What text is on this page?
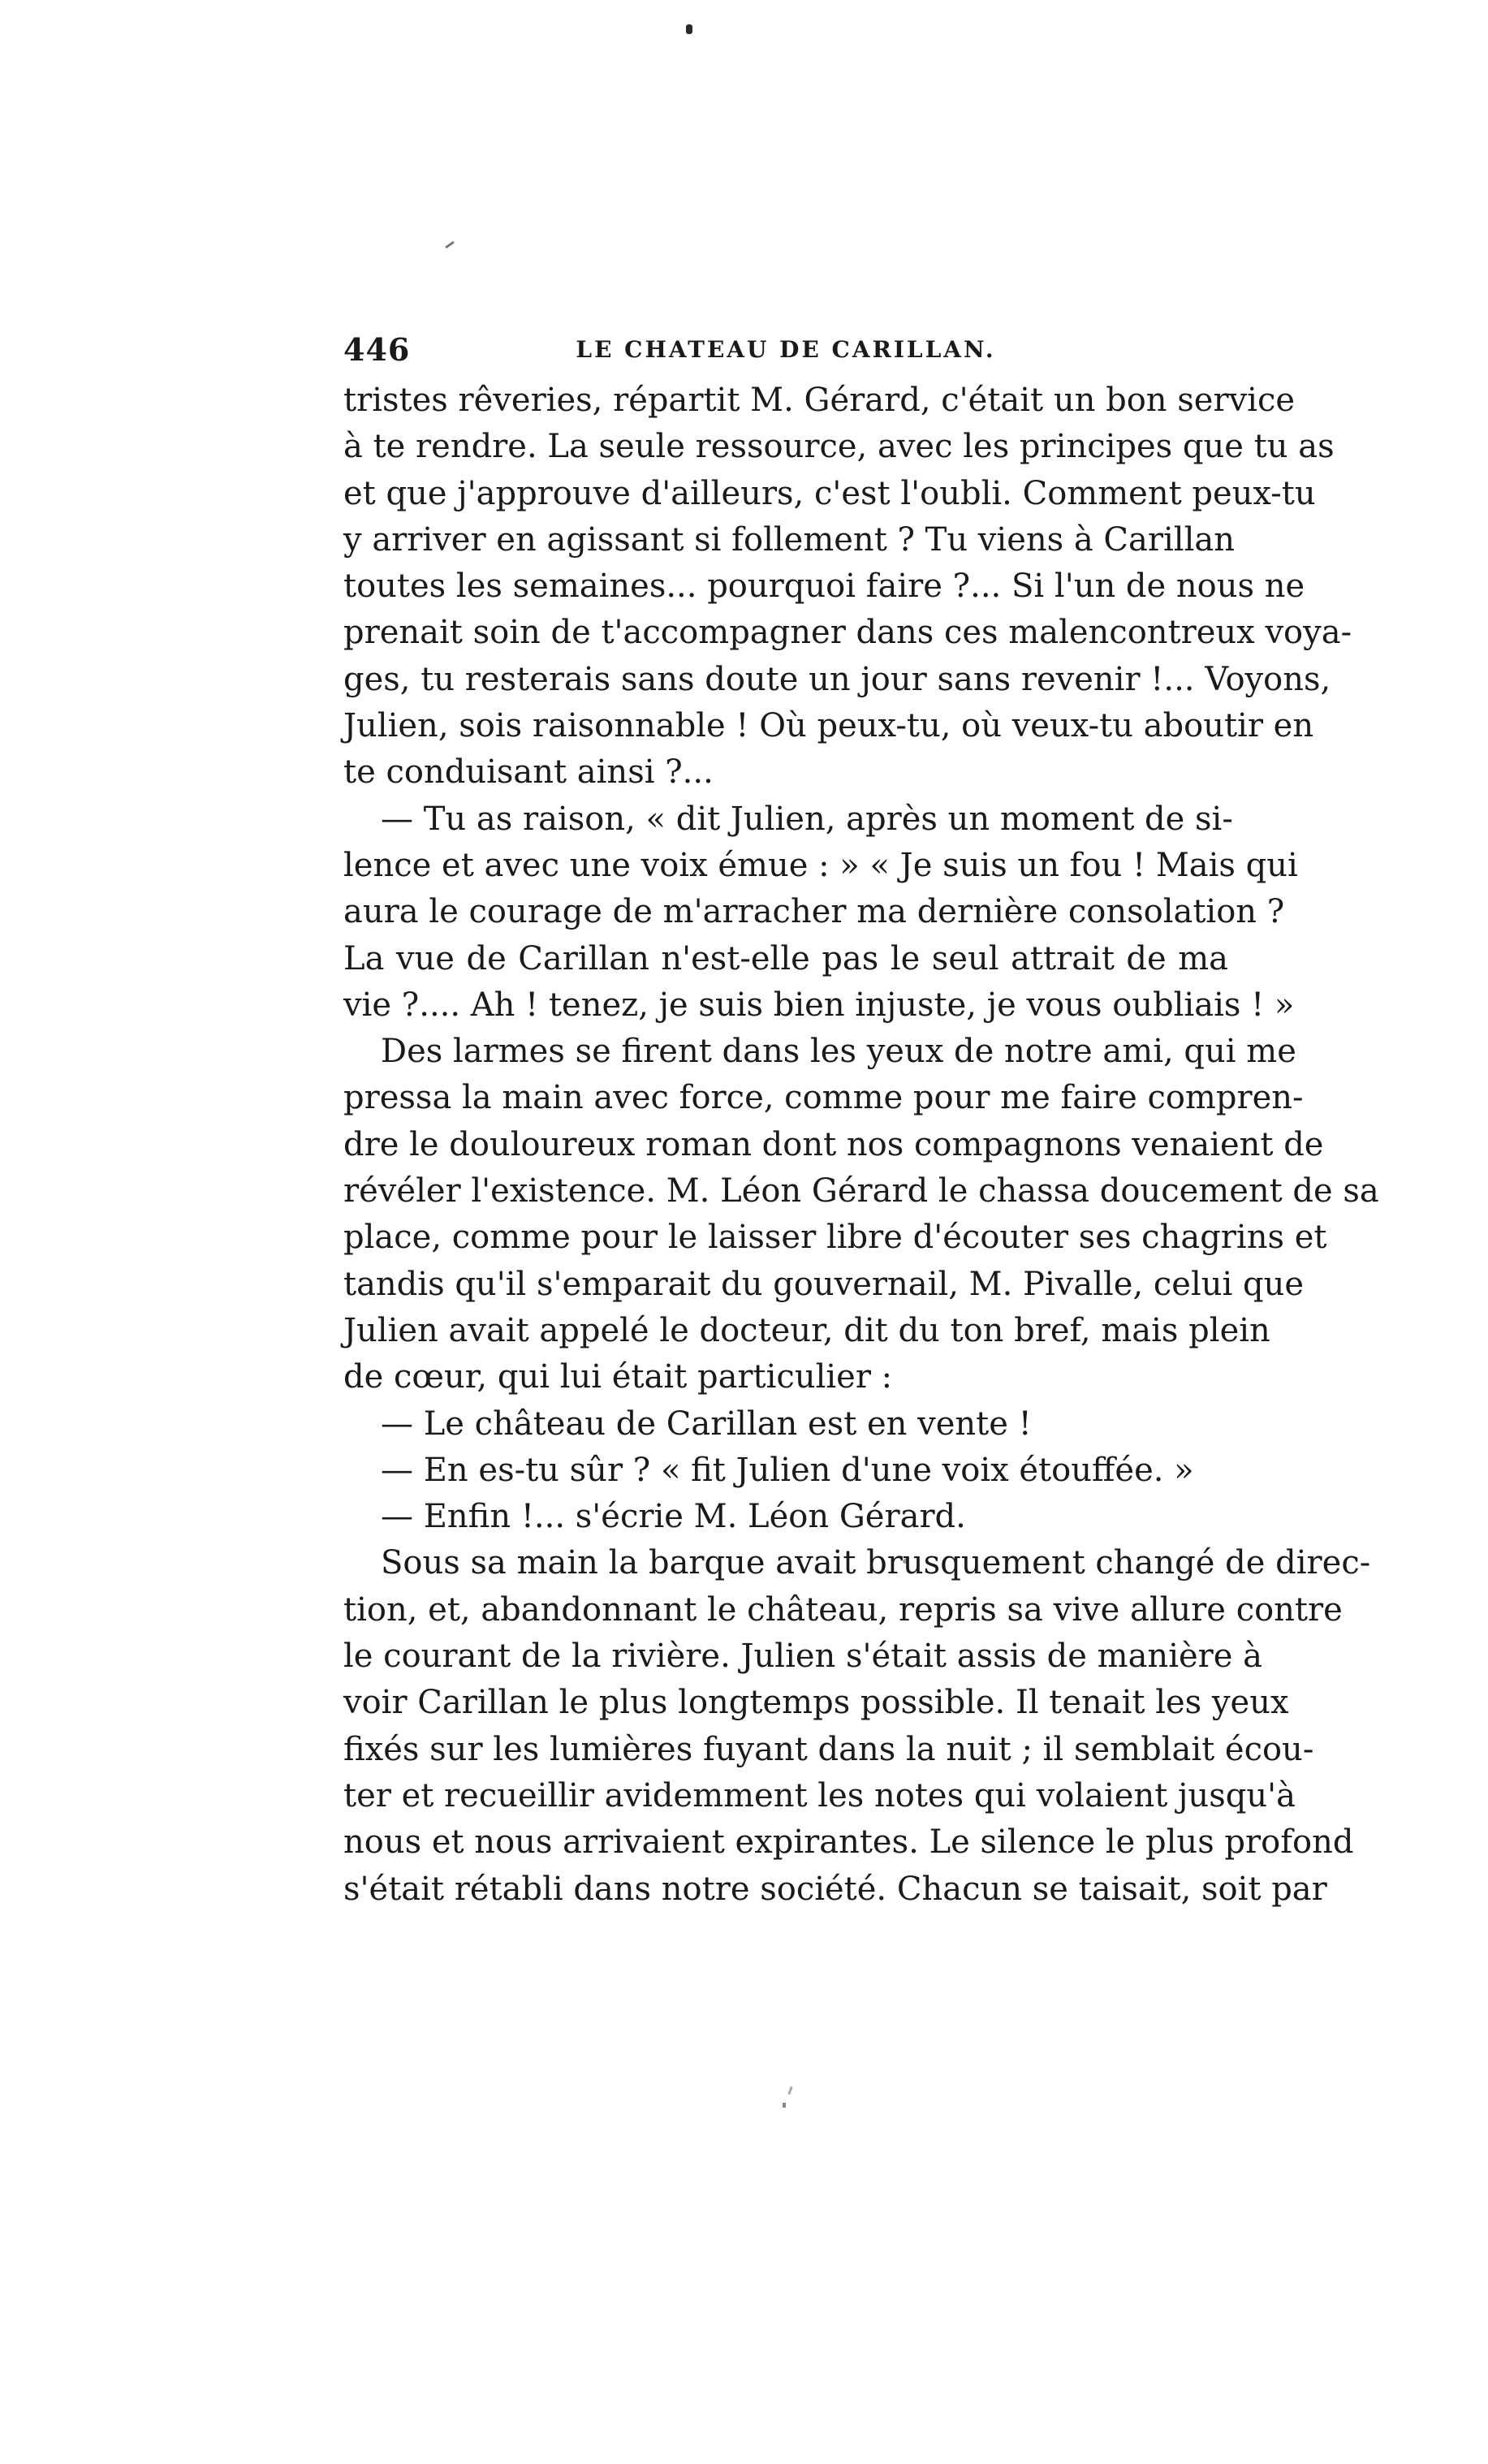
446	LE CHATEAU DE CARILLAN.
tristes rêveries, répartit M. Gérard, c'était un bon service
à te rendre. La seule ressource, avec les principes que tu as
et que j'approuve d'ailleurs, c'est l'oubli. Comment peux-tu
y arriver en agissant si follement ? Tu viens à Carillan
toutes les semaines... pourquoi faire ?... Si l'un de nous ne
prenait soin de t'accompagner dans ces malencontreux voya-
ges, tu resterais sans doute un jour sans revenir !... Voyons,
Julien, sois raisonnable ! Où peux-tu, où veux-tu aboutir en
te conduisant ainsi ?...
— Tu as raison, « dit Julien, après un moment de si-
lence et avec une voix émue : » « Je suis un fou ! Mais qui
aura le courage de m'arracher ma dernière consolation ?
La vue de Carillan n'est-elle pas le seul attrait de ma
vie ?.... Ah ! tenez, je suis bien injuste, je vous oubliais ! »
Des larmes se firent dans les yeux de notre ami, qui me
pressa la main avec force, comme pour me faire compren-
dre le douloureux roman dont nos compagnons venaient de
révéler l'existence. M. Léon Gérard le chassa doucement de sa
place, comme pour le laisser libre d'écouter ses chagrins et
tandis qu'il s'emparait du gouvernail, M. Pivalle, celui que
Julien avait appelé le docteur, dit du ton bref, mais plein
de cœur, qui lui était particulier :
— Le château de Carillan est en vente !
— En es-tu sûr ? « fit Julien d'une voix étouffée. »
— Enfin !... s'écrie M. Léon Gérard.
Sous sa main la barque avait brusquement changé de direc-
tion, et, abandonnant le château, repris sa vive allure contre
le courant de la rivière. Julien s'était assis de manière à
voir Carillan le plus longtemps possible. Il tenait les yeux
fixés sur les lumières fuyant dans la nuit ; il semblait écou-
ter et recueillir avidemment les notes qui volaient jusqu'à
nous et nous arrivaient expirantes. Le silence le plus profond
s'était rétabli dans notre société. Chacun se taisait, soit par
